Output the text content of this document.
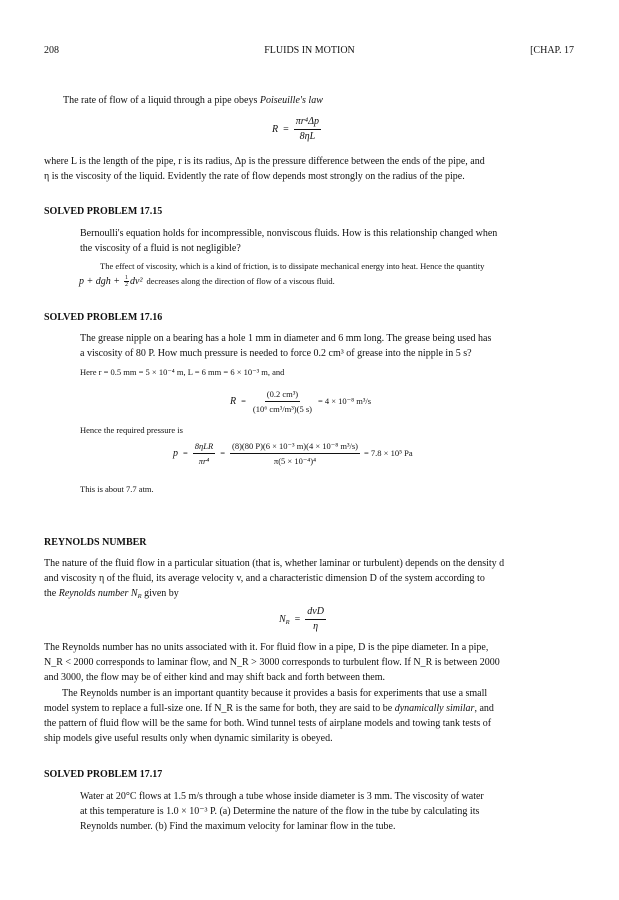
208	FLUIDS IN MOTION	[CHAP. 17
The rate of flow of a liquid through a pipe obeys Poiseuille's law
$R = \frac{\text{πr⁴Δp}}{8\eta L}$
where L is the length of the pipe, r is its radius, Δp is the pressure difference between the ends of the pipe, and
η is the viscosity of the liquid. Evidently the rate of flow depends most strongly on the radius of the pipe.
SOLVED PROBLEM 17.15
Bernoulli's equation holds for incompressible, nonviscous fluids. How is this relationship changed when
the viscosity of a fluid is not negligible?
The effect of viscosity, which is a kind of friction, is to dissipate mechanical energy into heat. Hence the quantity
p + dgh + $\frac{1}{2} dv^2$ decreases along the direction of flow of a viscous fluid.
SOLVED PROBLEM 17.16
The grease nipple on a bearing has a hole 1 mm in diameter and 6 mm long. The grease being used has
a viscosity of 80 P. How much pressure is needed to force 0.2 cm³ of grease into the nipple in 5 s?
Here r = 0.5 mm = 5 × 10⁻⁴ m, L = 6 mm = 6 × 10⁻³ m, and
$R = \frac{\text{(0.2 cm³)}}{\text{(10⁶ cm³/m³)(5 s)}} = 4 \times 10^{-8}$ m³/s
Hence the required pressure is
$p = \frac{\text{8ηLR}}{\text{πr⁴}} = \frac{\text{(8)(80 P)(6 × 10⁻³ m)(4 × 10⁻⁸ m³/s)}}{\text{π(5 × 10⁻⁴)⁴}} = 7.8 \times 10^5$ Pa
This is about 7.7 atm.
REYNOLDS NUMBER
The nature of the fluid flow in a particular situation (that is, whether laminar or turbulent) depends on the density d
and viscosity η of the fluid, its average velocity v, and a characteristic dimension D of the system according to
the Reynolds number $N_R$ given by
$N_R = \frac{\text{dvD}}{\eta}$
The Reynolds number has no units associated with it. For fluid flow in a pipe, D is the pipe diameter. In a pipe,
N_R < 2000 corresponds to laminar flow, and N_R > 3000 corresponds to turbulent flow. If N_R is between 2000
and 3000, the flow may be of either kind and may shift back and forth between them.
The Reynolds number is an important quantity because it provides a basis for experiments that use a small
model system to replace a full-size one. If N_R is the same for both, they are said to be dynamically similar, and
the pattern of fluid flow will be the same for both. Wind tunnel tests of airplane models and towing tank tests of
ship models give useful results only when dynamic similarity is obeyed.
SOLVED PROBLEM 17.17
Water at 20°C flows at 1.5 m/s through a tube whose inside diameter is 3 mm. The viscosity of water
at this temperature is 1.0 × 10⁻³ P. (a) Determine the nature of the flow in the tube by calculating its
Reynolds number. (b) Find the maximum velocity for laminar flow in the tube.
